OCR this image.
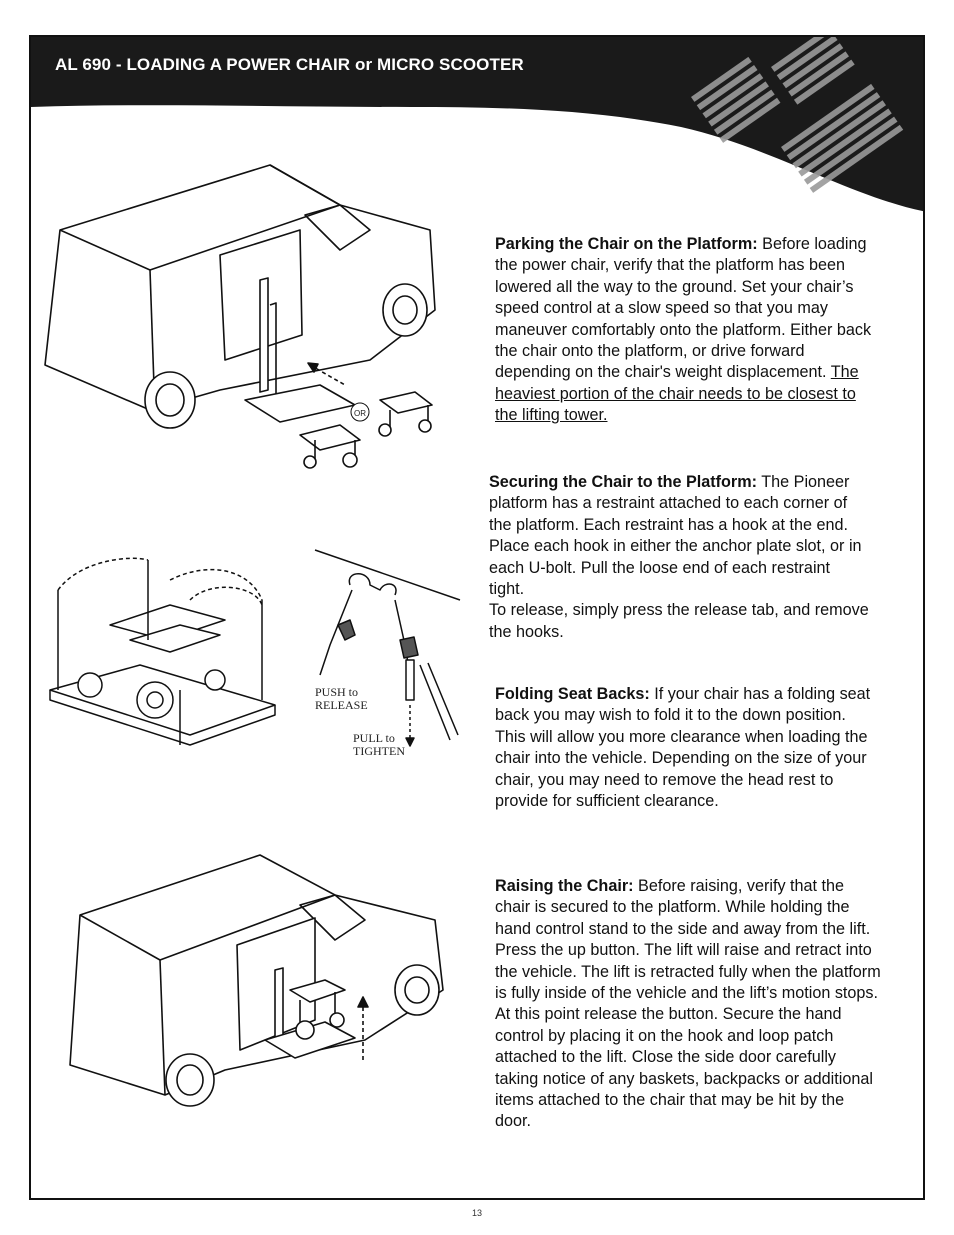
AL 690 - LOADING A POWER CHAIR or MICRO SCOOTER
OR
PUSH to
RELEASE
PULL to
TIGHTEN
Parking the Chair on the Platform: Before loading the power chair, verify that the platform has been lowered all the way to the ground. Set your chair’s speed control at a slow speed so that you may maneuver comfortably onto the platform. Either back the chair onto the platform, or drive forward depending on the chair's weight displacement. The heaviest portion of the chair needs to be closest to the lifting tower.
Securing the Chair to the Platform: The Pioneer platform has a restraint attached to each corner of the platform. Each restraint has a hook at the end. Place each hook in either the anchor plate slot, or in each U-bolt. Pull the loose end of each restraint tight.
To release, simply press the release tab, and remove the hooks.
Folding Seat Backs: If your chair has a folding seat back you may wish to fold it to the down position. This will allow you more clearance when loading the chair into the vehicle. Depending on the size of your chair, you may need to remove the head rest to provide for sufficient clearance.
Raising the Chair: Before raising, verify that the chair is secured to the platform. While holding the hand control stand to the side and away from the lift. Press the up button. The lift will raise and retract into the vehicle. The lift is retracted fully when the platform is fully inside of the vehicle and the lift’s motion stops. At this point release the button. Secure the hand control by placing it on the hook and loop patch attached to the lift. Close the side door carefully taking notice of any baskets, backpacks or additional items attached to the chair that may be hit by the door.
13
